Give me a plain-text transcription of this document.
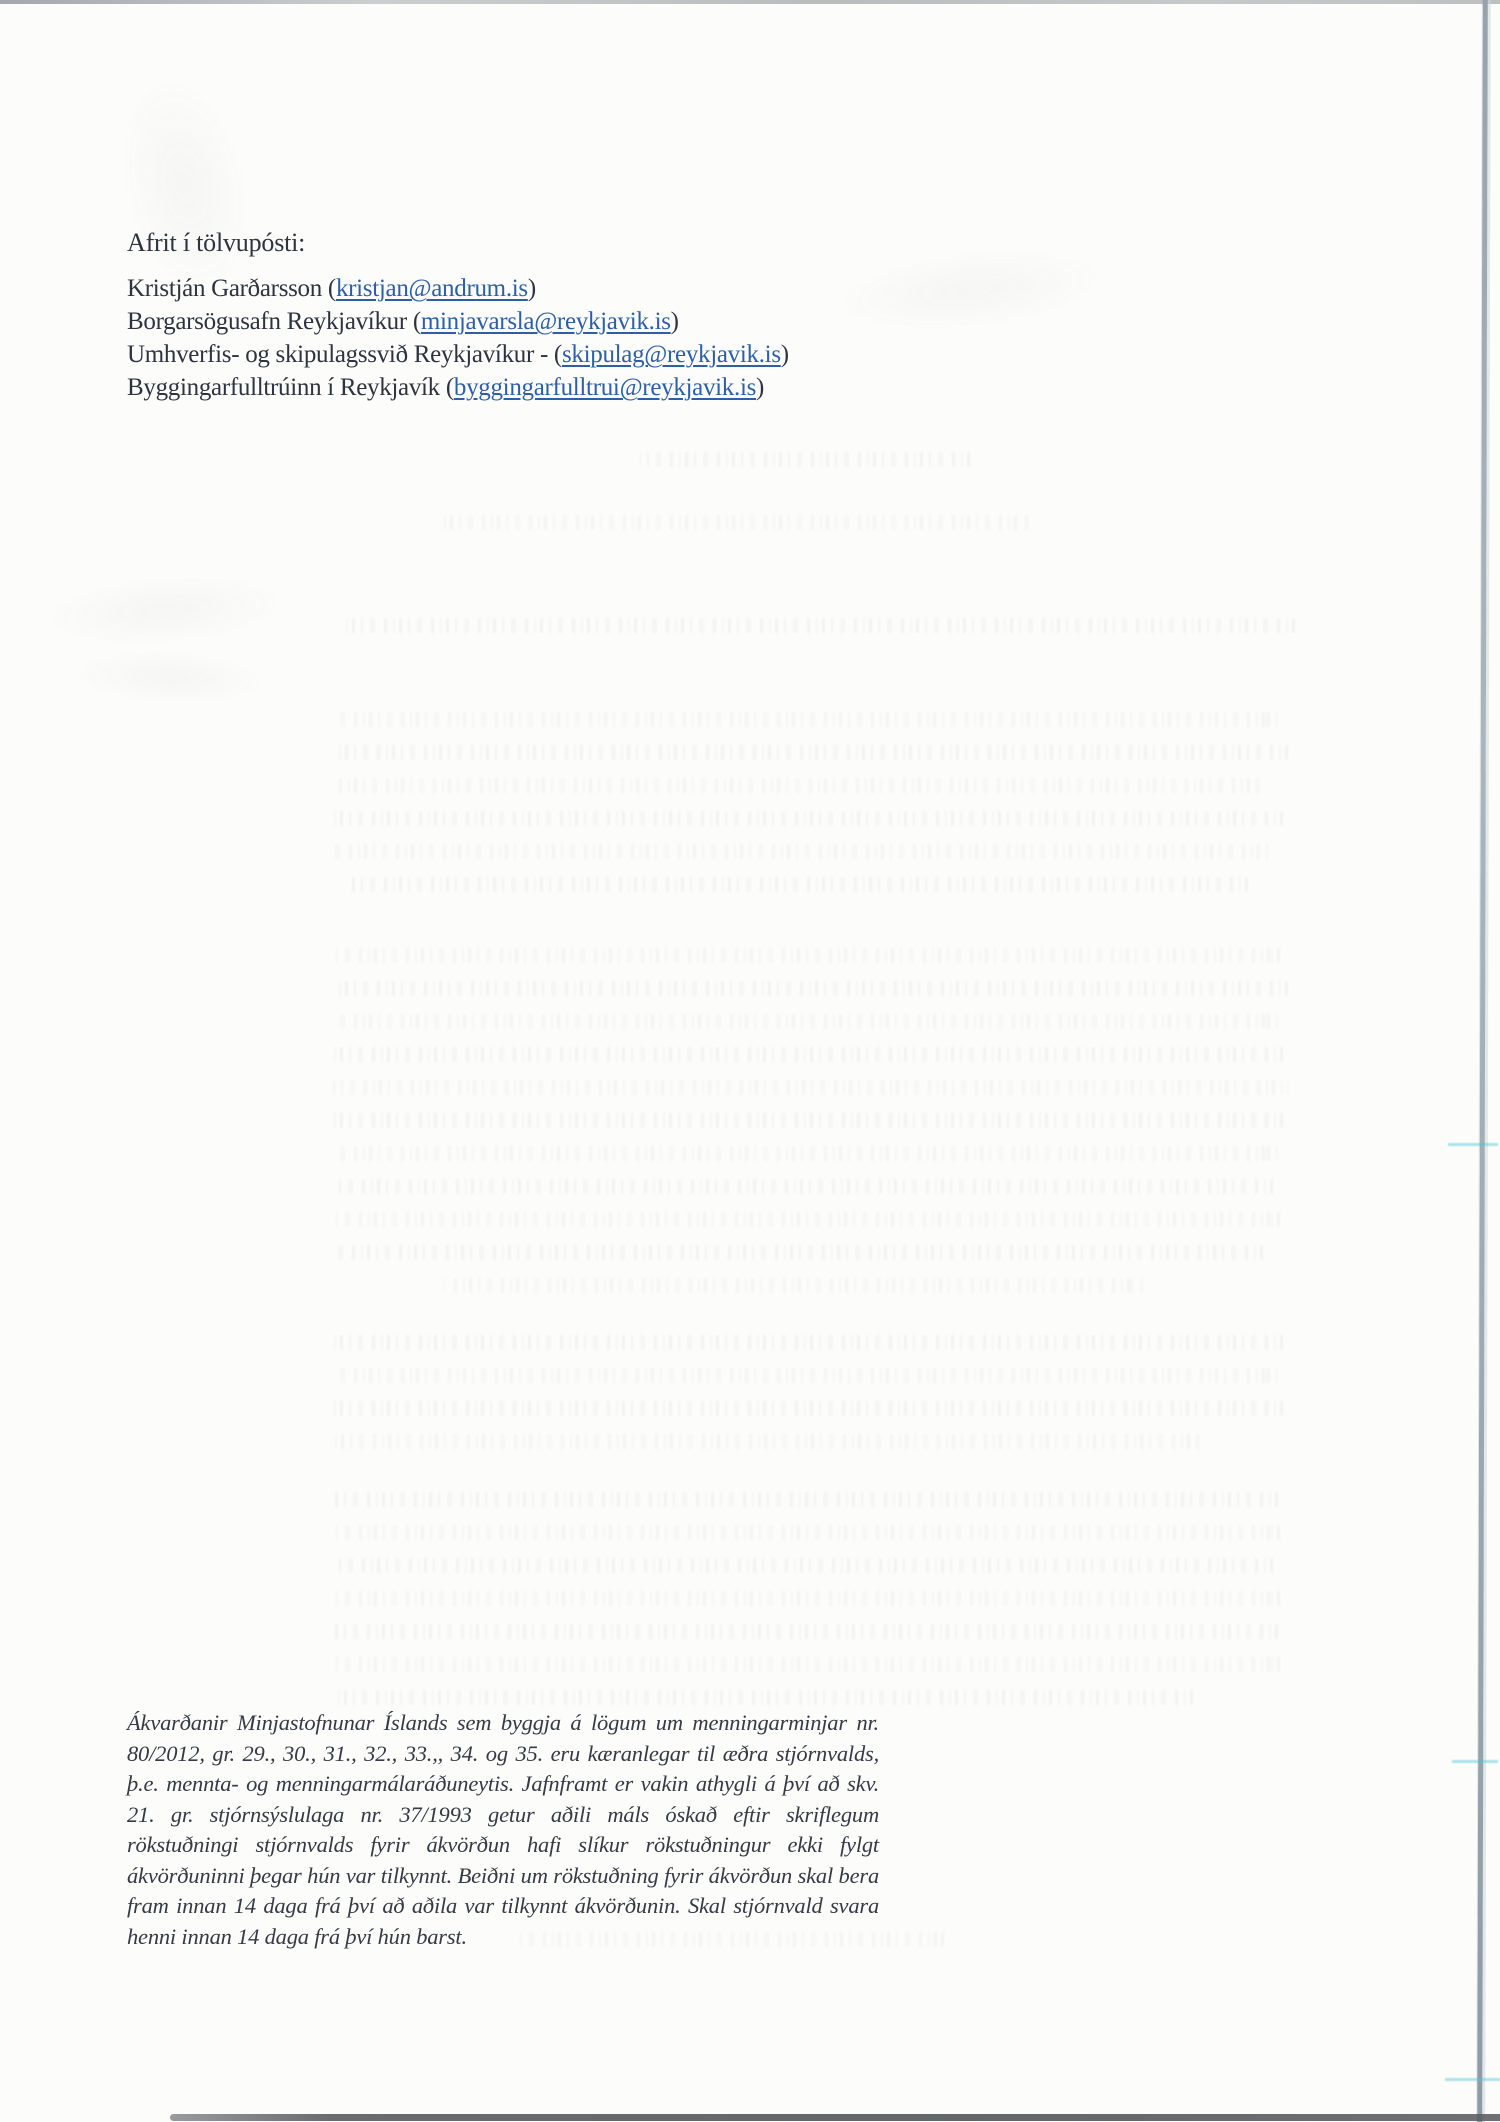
Afrit í tölvupósti:
Kristján Garðarsson (kristjan@andrum.is)
Borgarsögusafn Reykjavíkur (minjavarsla@reykjavik.is)
Umhverfis- og skipulagssvið Reykjavíkur - (skipulag@reykjavik.is)
Byggingarfulltrúinn í Reykjavík (byggingarfulltrui@reykjavik.is)
Ákvarðanir Minjastofnunar Íslands sem byggja á lögum um menningarminjar nr. 80/2012, gr. 29., 30., 31., 32., 33.,, 34. og 35. eru kæranlegar til æðra stjórnvalds, þ.e. mennta- og menningarmálaráðuneytis. Jafnframt er vakin athygli á því að skv. 21. gr. stjórnsýslulaga nr. 37/1993 getur aðili máls óskað eftir skriflegum rökstuðningi stjórnvalds fyrir ákvörðun hafi slíkur rökstuðningur ekki fylgt ákvörðuninni þegar hún var tilkynnt. Beiðni um rökstuðning fyrir ákvörðun skal bera fram innan 14 daga frá því að aðila var tilkynnt ákvörðunin. Skal stjórnvald svara henni innan 14 daga frá því hún barst.
